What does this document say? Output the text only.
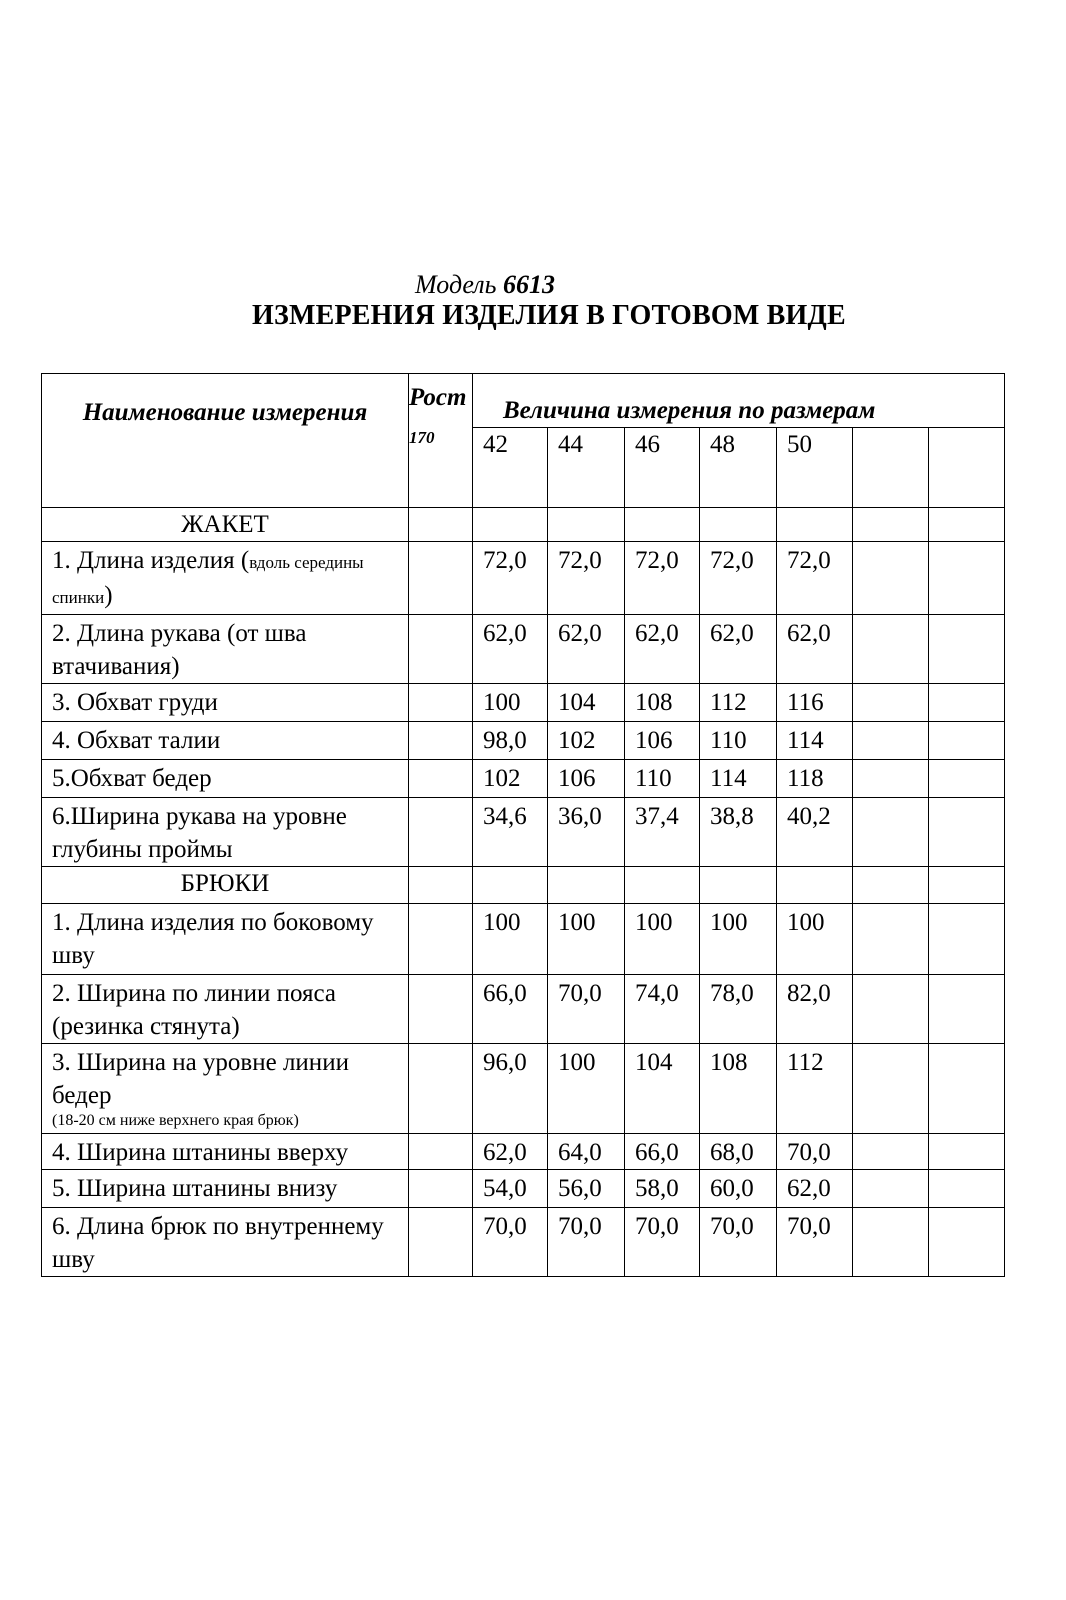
Модель 6613
ИЗМЕРЕНИЯ ИЗДЕЛИЯ В ГОТОВОМ ВИДЕ
Наименование измерения	Рост
170	Величина измерения по размерам						
		42	44	46	48	50		
ЖАКЕТ								
1. Длина изделия (вдоль середины спинки)		72,0	72,0	72,0	72,0	72,0		
2. Длина рукава (от шва втачивания)		62,0	62,0	62,0	62,0	62,0		
3. Обхват груди		100	104	108	112	116		
4. Обхват талии		98,0	102	106	110	114		
5.Обхват бедер		102	106	110	114	118		
6.Ширина рукава на уровне глубины проймы		34,6	36,0	37,4	38,8	40,2		
БРЮКИ								
1. Длина изделия по боковому шву		100	100	100	100	100		
2. Ширина по линии пояса (резинка стянута)		66,0	70,0	74,0	78,0	82,0		
3. Ширина на уровне линии бедер
(18-20 см ниже верхнего края брюк)		96,0	100	104	108	112		
4. Ширина штанины вверху		62,0	64,0	66,0	68,0	70,0		
5. Ширина штанины внизу		54,0	56,0	58,0	60,0	62,0		
6. Длина брюк по внутреннему шву		70,0	70,0	70,0	70,0	70,0		
